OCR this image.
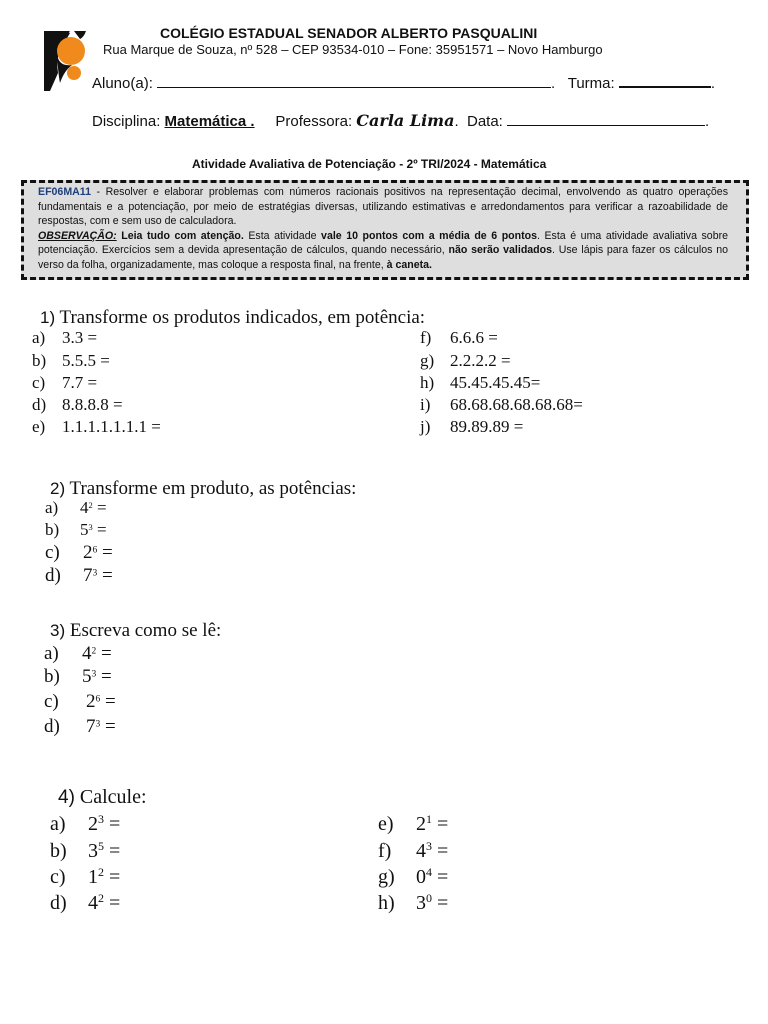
COLÉGIO ESTADUAL SENADOR ALBERTO PASQUALINI
Rua Marque de Souza, nº 528 – CEP 93534-010 – Fone: 35951571 – Novo Hamburgo
Aluno(a):	. Turma:	.
Disciplina: Matemática . Professora: Carla Lima. Data:	.
Atividade Avaliativa de Potenciação - 2º TRI/2024 - Matemática
EF06MA11 - Resolver e elaborar problemas com números racionais positivos na representação decimal, envolvendo as quatro operações fundamentais e a potenciação, por meio de estratégias diversas, utilizando estimativas e arredondamentos para verificar a razoabilidade de respostas, com e sem uso de calculadora.
OBSERVAÇÃO: Leia tudo com atenção. Esta atividade vale 10 pontos com a média de 6 pontos. Esta é uma atividade avaliativa sobre potenciação. Exercícios sem a devida apresentação de cálculos, quando necessário, não serão validados. Use lápis para fazer os cálculos no verso da folha, organizadamente, mas coloque a resposta final, na frente, à caneta.
1) Transforme os produtos indicados, em potência:
a) 3.3 =
b) 5.5.5 =
c) 7.7 =
d) 8.8.8.8 =
e) 1.1.1.1.1.1.1 =
f) 6.6.6 =
g) 2.2.2.2 =
h) 45.45.45.45=
i) 68.68.68.68.68.68=
j) 89.89.89 =
2) Transforme em produto, as potências:
a) $4^2$ =
b) $5^3$ =
c) $2^6$ =
d) $7^3$ =
3) Escreva como se lê:
a) $4^2$ =
b) $5^3$ =
c) $2^6$ =
d) $7^3$ =
4) Calcule:
a) $2^3$ =
b) $3^5$ =
c) $1^2$ =
d) $4^2$ =
e) $2^1$ =
f) $4^3$ =
g) $0^4$ =
h) $3^0$ =
